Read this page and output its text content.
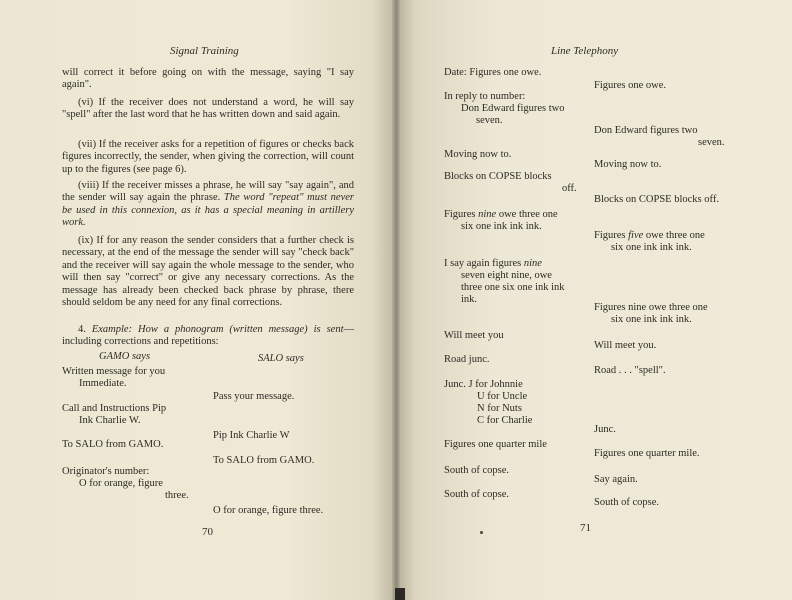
Signal Training
will correct it before going on with the message, saying "I say again".
(vi) If the receiver does not understand a word, he will say "spell" after the last word that he has written down and said again.
(vii) If the receiver asks for a repetition of figures or checks back figures incorrectly, the sender, when giving the correction, will count up to the figures (see page 6).
(viii) If the receiver misses a phrase, he will say "say again", and the sender will say again the phrase. The word "repeat" must never be used in this connexion, as it has a special meaning in artillery work.
(ix) If for any reason the sender considers that a further check is necessary, at the end of the message the sender will say "check back" and the receiver will say again the whole message to the sender, who will then say "correct" or give any necessary corrections. As the message has already been checked back phrase by phrase, there should seldom be any need for any final corrections.
4. Example: How a phonogram (written message) is sent—including corrections and repetitions:
GAMO says	SALO says
Written message for you
Immediate.
Pass your message.
Call and Instructions Pip
Ink Charlie W.
Pip Ink Charlie W
To SALO from GAMO.
To SALO from GAMO.
Originator's number:
O for orange, figure
three.
O for orange, figure three.
70
Line Telephony
Date: Figures one owe.
Figures one owe.
In reply to number:
Don Edward figures two
seven.
Don Edward figures two
seven.
Moving now to.
Moving now to.
Blocks on COPSE blocks
off.
Blocks on COPSE blocks off.
Figures nine owe three one
six one ink ink ink.
Figures five owe three one
six one ink ink ink.
I say again figures nine
seven eight nine, owe
three one six one ink ink
ink.
Figures nine owe three one
six one ink ink ink.
Will meet you
Will meet you.
Road junc.
Road . . . "spell".
Junc. J for Johnnie
U for Uncle
N for Nuts
C for Charlie
Junc.
Figures one quarter mile
Figures one quarter mile.
South of copse.
Say again.
South of copse.
South of copse.
71
